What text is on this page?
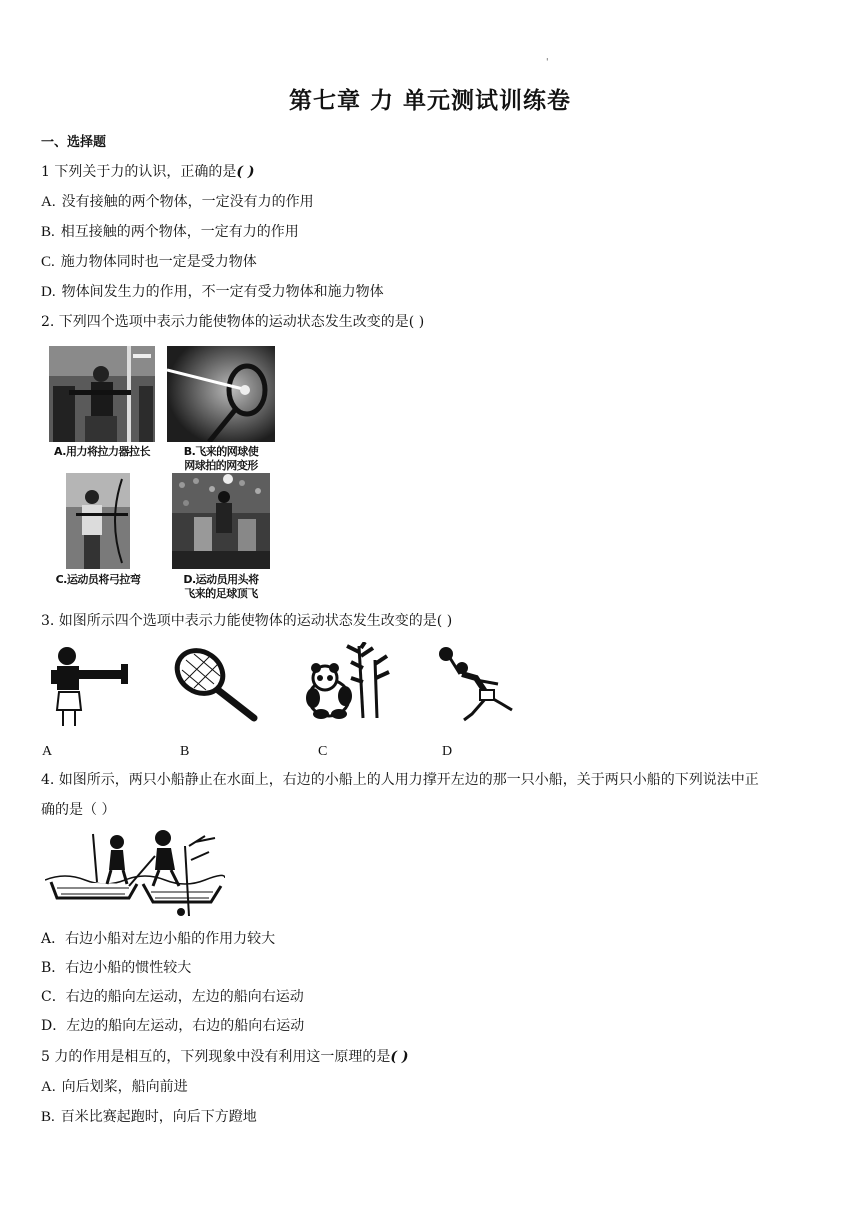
'
第七章 力 单元测试训练卷
一、选择题
1 下列关于力的认识，正确的是( )
A. 没有接触的两个物体，一定没有力的作用
B. 相互接触的两个物体，一定有力的作用
C. 施力物体同时也一定是受力物体
D. 物体间发生力的作用，不一定有受力物体和施力物体
2. 下列四个选项中表示力能使物体的运动状态发生改变的是( )
A.用力将拉力器拉长	B.飞来的网球使
网球拍的网变形
C.运动员将弓拉弯	D.运动员用头将
飞来的足球顶飞
3. 如图所示四个选项中表示力能使物体的运动状态发生改变的是( )
A	B	C	D
4. 如图所示，两只小船静止在水面上，右边的小船上的人用力撑开左边的那一只小船，关于两只小船的下列说法中正
确的是（ ）
A．右边小船对左边小船的作用力较大
B．右边小船的惯性较大
C．右边的船向左运动，左边的船向右运动
D．左边的船向左运动，右边的船向右运动
5 力的作用是相互的，下列现象中没有利用这一原理的是( )
A. 向后划桨，船向前进
B. 百米比赛起跑时，向后下方蹬地
